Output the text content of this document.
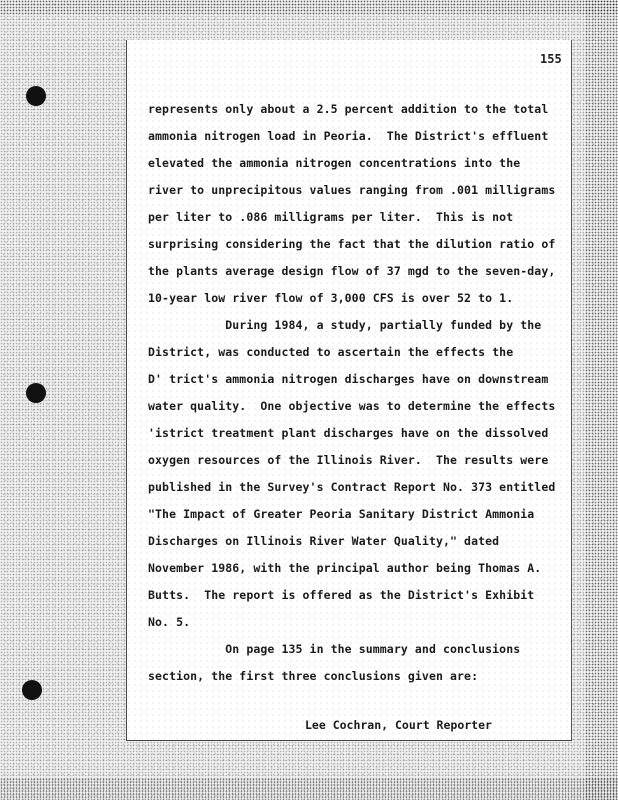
155
represents only about a 2.5 percent addition to the total
ammonia nitrogen load in Peoria.  The District's effluent
elevated the ammonia nitrogen concentrations into the
river to unprecipitous values ranging from .001 milligrams
per liter to .086 milligrams per liter.  This is not
surprising considering the fact that the dilution ratio of
the plants average design flow of 37 mgd to the seven-day,
10-year low river flow of 3,000 CFS is over 52 to 1.
During 1984, a study, partially funded by the
District, was conducted to ascertain the effects the
D' trict's ammonia nitrogen discharges have on downstream
water quality.  One objective was to determine the effects
'istrict treatment plant discharges have on the dissolved
oxygen resources of the Illinois River.  The results were
published in the Survey's Contract Report No. 373 entitled
"The Impact of Greater Peoria Sanitary District Ammonia
Discharges on Illinois River Water Quality," dated
November 1986, with the principal author being Thomas A.
Butts.  The report is offered as the District's Exhibit
No. 5.
On page 135 in the summary and conclusions
section, the first three conclusions given are:
Lee Cochran, Court Reporter
